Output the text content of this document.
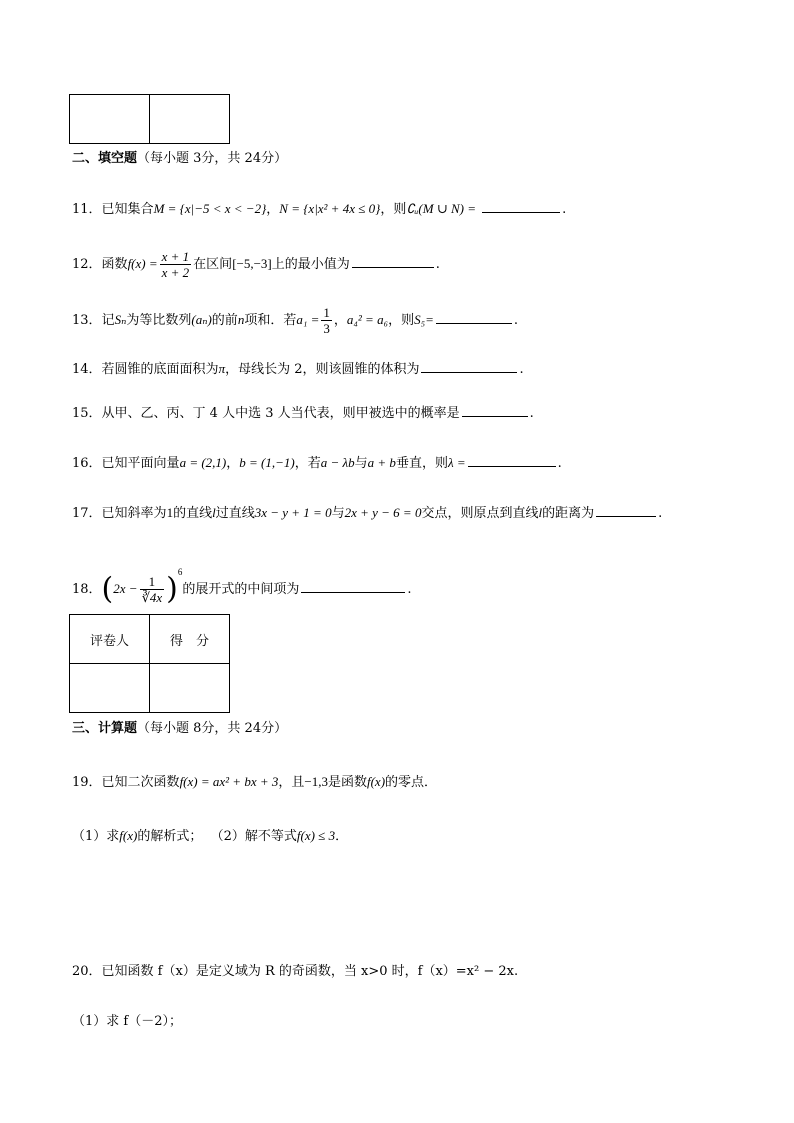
二、填空题（每小题 3分，共 24分）
11．已知集合M = {x|−5 < x < −2}，N = {x|x² + 4x ≤ 0}，则∁ᵤ(M ∪ N) =	.
12．函数$f(x) = \frac{x + 1}{x + 2}$ 在区间[−5,−3]上的最小值为	.
13．记Sₙ为等比数列(aₙ)的前n项和．若$a_1 = \frac{1}{3}$ ，a₄² = a₆，则S₅=	.
14．若圆锥的底面面积为π，母线长为 2，则该圆锥的体积为	.
15．从甲、乙、丙、丁 4 人中选 3 人当代表，则甲被选中的概率是	.
16．已知平面向量a = (2,1)，b = (1,−1)，若a − λb与a + b垂直，则λ =	.
17．已知斜率为1的直线l过直线3x − y + 1 = 0与2x + y − 6 = 0交点，则原点到直线l的距离为	.
18．$(2x - \frac{1}{∛4x} )^6$的展开式的中间项为	.
评卷人	得　分

三、计算题（每小题 8分，共 24分）
19．已知二次函数f(x) = ax² + bx + 3，且−1,3是函数f(x)的零点．
（1）求f(x)的解析式； （2）解不等式f(x) ≤ 3．
20．已知函数 f（x）是定义域为 R 的奇函数，当 x>0 时，f（x）=x² − 2x.
（1）求 f（－2）；
